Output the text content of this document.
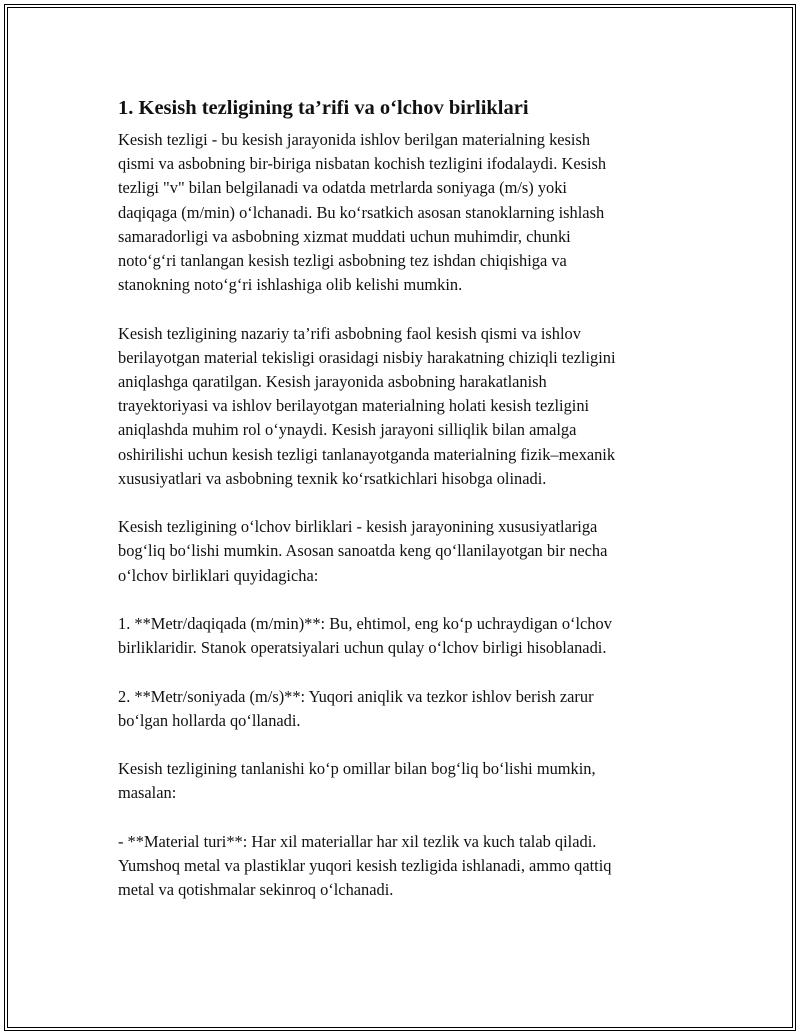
1. Kesish tezligining ta’rifi va o‘lchov birliklari
Kesish tezligi - bu kesish jarayonida ishlov berilgan materialning kesish
qismi va asbobning bir-biriga nisbatan kochish tezligini ifodalaydi. Kesish
tezligi "v" bilan belgilanadi va odatda metrlarda soniyaga (m/s) yoki
daqiqaga (m/min) o‘lchanadi. Bu ko‘rsatkich asosan stanoklarning ishlash
samaradorligi va asbobning xizmat muddati uchun muhimdir, chunki
noto‘g‘ri tanlangan kesish tezligi asbobning tez ishdan chiqishiga va
stanokning noto‘g‘ri ishlashiga olib kelishi mumkin.
Kesish tezligining nazariy ta’rifi asbobning faol kesish qismi va ishlov
berilayotgan material tekisligi orasidagi nisbiy harakatning chiziqli tezligini
aniqlashga qaratilgan. Kesish jarayonida asbobning harakatlanish
trayektoriyasi va ishlov berilayotgan materialning holati kesish tezligini
aniqlashda muhim rol o‘ynaydi. Kesish jarayoni silliqlik bilan amalga
oshirilishi uchun kesish tezligi tanlanayotganda materialning fizik–mexanik
xususiyatlari va asbobning texnik ko‘rsatkichlari hisobga olinadi.
Kesish tezligining o‘lchov birliklari - kesish jarayonining xususiyatlariga
bog‘liq bo‘lishi mumkin. Asosan sanoatda keng qo‘llanilayotgan bir necha
o‘lchov birliklari quyidagicha:
1. **Metr/daqiqada (m/min)**: Bu, ehtimol, eng ko‘p uchraydigan o‘lchov
birliklaridir. Stanok operatsiyalari uchun qulay o‘lchov birligi hisoblanadi.
2. **Metr/soniyada (m/s)**: Yuqori aniqlik va tezkor ishlov berish zarur
bo‘lgan hollarda qo‘llanadi.
Kesish tezligining tanlanishi ko‘p omillar bilan bog‘liq bo‘lishi mumkin,
masalan:
- **Material turi**: Har xil materiallar har xil tezlik va kuch talab qiladi.
Yumshoq metal va plastiklar yuqori kesish tezligida ishlanadi, ammo qattiq
metal va qotishmalar sekinroq o‘lchanadi.
